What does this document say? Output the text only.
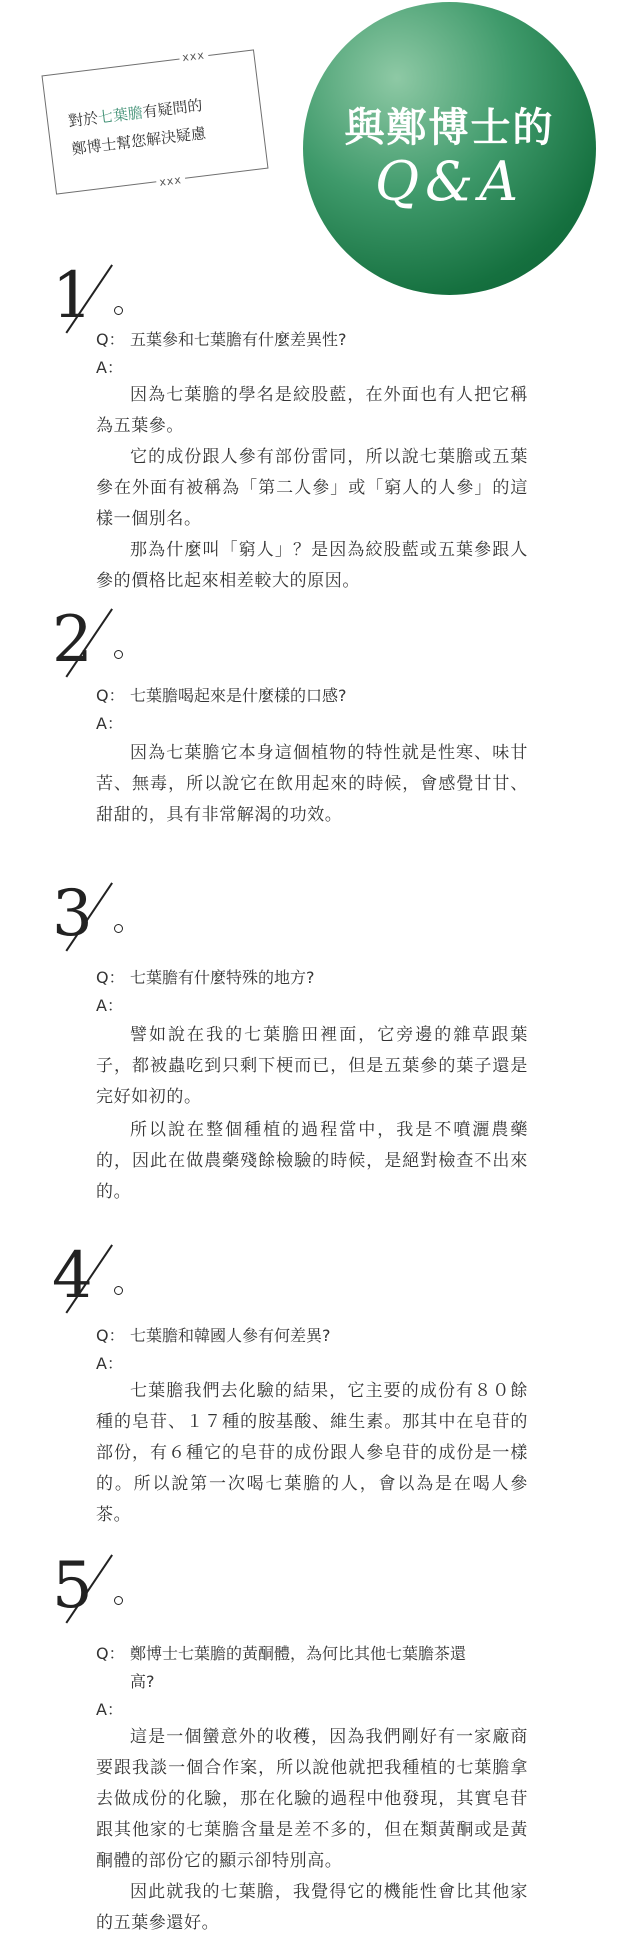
xxx
對於七葉膽有疑問的
鄭博士幫您解決疑慮
xxx
與鄭博士的
Q&A
1
Q： 五葉參和七葉膽有什麼差異性?
A：
因為七葉膽的學名是絞股藍，在外面也有人把它稱為五葉參。
它的成份跟人參有部份雷同，所以說七葉膽或五葉參在外面有被稱為「第二人參」或「窮人的人參」的這樣一個別名。
那為什麼叫「窮人」？是因為絞股藍或五葉參跟人參的價格比起來相差較大的原因。
2
Q： 七葉膽喝起來是什麼樣的口感?
A：
因為七葉膽它本身這個植物的特性就是性寒、味甘苦、無毒，所以說它在飲用起來的時候，會感覺甘甘、甜甜的，具有非常解渴的功效。
3
Q： 七葉膽有什麼特殊的地方?
A：
譬如說在我的七葉膽田裡面，它旁邊的雜草跟葉子，都被蟲吃到只剩下梗而已，但是五葉參的葉子還是完好如初的。
所以說在整個種植的過程當中，我是不噴灑農藥的，因此在做農藥殘餘檢驗的時候，是絕對檢查不出來的。
4
Q： 七葉膽和韓國人參有何差異?
A：
七葉膽我們去化驗的結果，它主要的成份有８０餘種的皂苷、１７種的胺基酸、維生素。那其中在皂苷的部份，有６種它的皂苷的成份跟人參皂苷的成份是一樣的。所以說第一次喝七葉膽的人，會以為是在喝人參茶。
5
Q： 鄭博士七葉膽的黃酮體，為何比其他七葉膽茶還高?
A：
這是一個蠻意外的收穫，因為我們剛好有一家廠商要跟我談一個合作案，所以說他就把我種植的七葉膽拿去做成份的化驗，那在化驗的過程中他發現，其實皂苷跟其他家的七葉膽含量是差不多的，但在類黃酮或是黃酮體的部份它的顯示卻特別高。
因此就我的七葉膽，我覺得它的機能性會比其他家的五葉參還好。
